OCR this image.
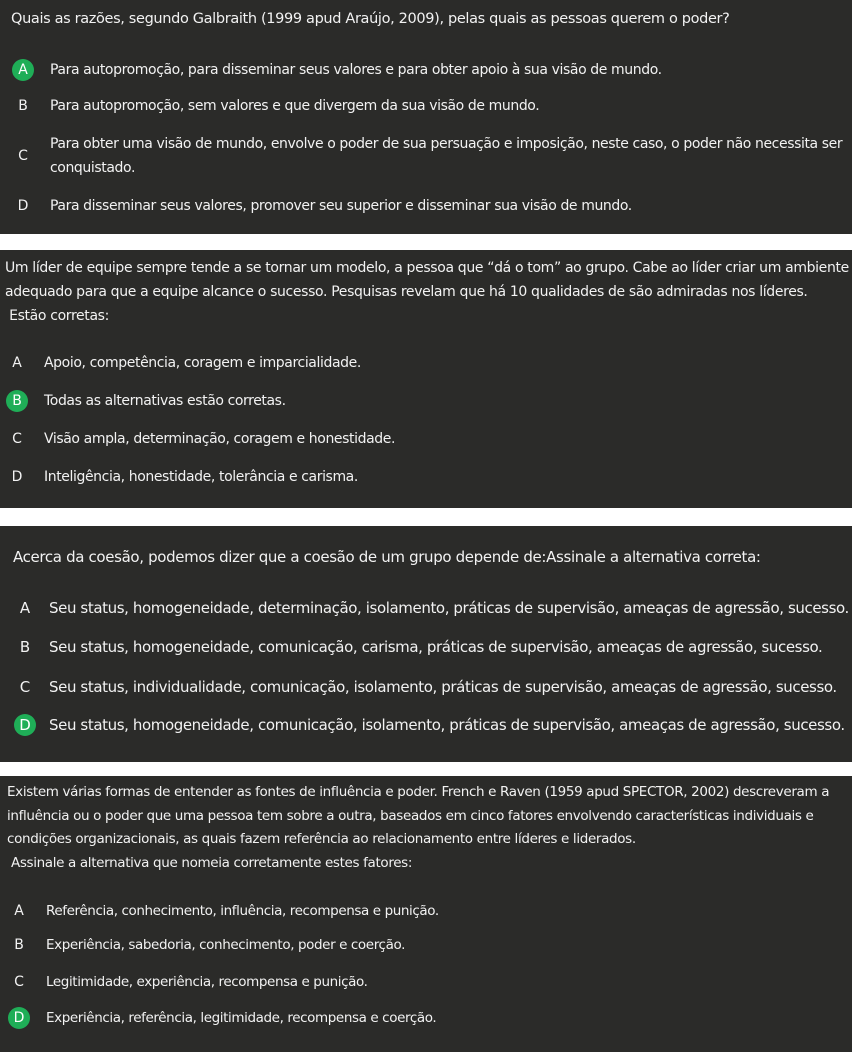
Quais as razões, segundo Galbraith (1999 apud Araújo, 2009), pelas quais as pessoas querem o poder?
A	Para autopromoção, para disseminar seus valores e para obter apoio à sua visão de mundo.
B	Para autopromoção, sem valores e que divergem da sua visão de mundo.
C
Para obter uma visão de mundo, envolve o poder de sua persuação e imposição, neste caso, o poder não necessita ser
conquistado.
D	Para disseminar seus valores, promover seu superior e disseminar sua visão de mundo.
Um líder de equipe sempre tende a se tornar um modelo, a pessoa que “dá o tom” ao grupo. Cabe ao líder criar um ambiente
adequado para que a equipe alcance o sucesso. Pesquisas revelam que há 10 qualidades de são admiradas nos líderes.
Estão corretas:
A	Apoio, competência, coragem e imparcialidade.
B	Todas as alternativas estão corretas.
C	Visão ampla, determinação, coragem e honestidade.
D	Inteligência, honestidade, tolerância e carisma.
Acerca da coesão, podemos dizer que a coesão de um grupo depende de:Assinale a alternativa correta:
A	Seu status, homogeneidade, determinação, isolamento, práticas de supervisão, ameaças de agressão, sucesso.
B	Seu status, homogeneidade, comunicação, carisma, práticas de supervisão, ameaças de agressão, sucesso.
C	Seu status, individualidade, comunicação, isolamento, práticas de supervisão, ameaças de agressão, sucesso.
D	Seu status, homogeneidade, comunicação, isolamento, práticas de supervisão, ameaças de agressão, sucesso.
Existem várias formas de entender as fontes de influência e poder. French e Raven (1959 apud SPECTOR, 2002) descreveram a
influência ou o poder que uma pessoa tem sobre a outra, baseados em cinco fatores envolvendo características individuais e
condições organizacionais, as quais fazem referência ao relacionamento entre líderes e liderados.
Assinale a alternativa que nomeia corretamente estes fatores:
A	Referência, conhecimento, influência, recompensa e punição.
B	Experiência, sabedoria, conhecimento, poder e coerção.
C	Legitimidade, experiência, recompensa e punição.
D	Experiência, referência, legitimidade, recompensa e coerção.
